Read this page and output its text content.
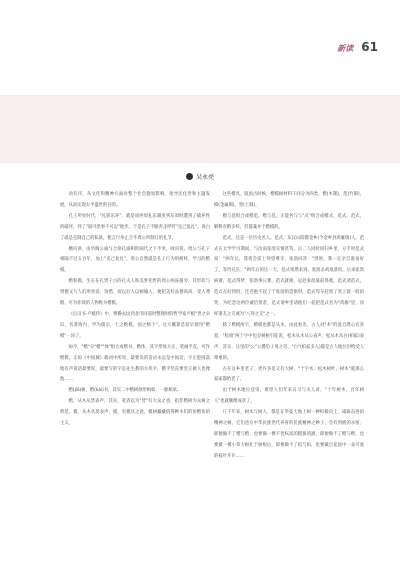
新读 61
吴永亮

动有序，从文化和精神方面对整个社会施加影响，指导民化世和主题发展，从而实现太平盛世的目的。

孔子所处时代，"礼崩乐坏"，就是说西周礼乐制度到东周时遭到了破坏性的破坏，到了"崩可恶事不可忍"地步。于是孔子不断奔走呼吁"克己复礼"，说白了就是克制自己的私欲，使言行举止合乎周公所制订的礼节。

横向讲，由阜陶公谕与合皋孔谕相阶闽代之下半米，咏向说，周公与孔子相隔不过五百年，加上"克己复礼"，周公自然就是孔子行为的榜样、学习的楷模。

楷和模，生长在孔贤子古的孔夫人和美誉先哲的周公两座墓旁，其形状与贤德又与人们所喜爱、珍惜，而以后人以树喻人，便把美好品德高尚、受人尊敬、可为你效的人物称为楷模。

《后汉书·卢植传》中，曹操去坟到北市回道时整理时的哲学家卢植"世之卓识，名著海内，学为儒宗，士之楷模，国之桢干"。这大概算是较早使用"楷模"一词了。

如今，"楷"分"楷""体"组合成楷书、楷体，其字形体方正，笔画平直，可作楷模，正如《中国城》载词中所说，最要说的话语永远是中国话，字正腔圆落地有声说话最要说，最要写的字是先生教的方块字，横平竖直要堂正做人也像他……

楷(jiē)树，楷(kǎi)书，其实二中楷树颜形相如，一脉相承。

楷，从木从皆表声。其实，笔者以为"皆"有大众之意，指非楷树为众树之典范。模，从木从莫表声，模，有模具之意，模树藏藏值得种木们的仿楷仿的主义，

这些楷具，既国古时候，楷模树材料干同分为四类，楷(木制)，范(竹制)，模(金属制)，型(土制)。

楷与范组合成楷范。楷与范，正能各与与"式"组合成楷式、范式，范式，解释有楷多样，但都兼并于楷模的。

范式，还是一位历史名人。范式，东汉山阳郡金乡(今金乡县鸿雁镇)人。范式在太学学习期间，与汝南张劭交情甚笃。后二人同时回归乡里，分手时范式说："两年后，我将会前上拜望尊亲，张劭回答："到时，我一定亲自准备好了，等待兄长。"两年后的这一天，范式果然来到。张劭杀鸡准备饭，后来张劭病逝，范式得梦，张劭事日葬。范式就相，远赴张劭墓前祭奠，范式请范式，范式在好到时，还迟抱不起了于张劭的恐惧时，范式驾车赶到了哭上就一般的哭，为纪念这两位诚信贤者，范式请乡里请他们一起把范式名为"鸿雁"里，同样诸友之交诚为"八拜之交"之一。

除了楷模两字，楷模也都是从木，由此看出，古人对"木"的爱自然心有喜爱，"松柏"两个字中也是树树引征说，松木从木从公表声，松从木从白(柏家)表声，其实，这里的"公"公爵伯子男之首，"白"(柏家多人)都是古人地位封给受人尊重的。

古在这乡里老子，更许多是又有大树，"十字木，松木树叶，树木"就那么家家都给老了。

由于树木地位登崇，难怪人们年来日习与夫人对，"十年树木，百年树人"也就顺理成章了。

几千年来，树木与树人，都是在华夏大地上树一种积极向上、砥砺奋进的精神之树。它们也在中华民族世代养育的民族精神之种子，会有到底的永恒，即便做不了楷与楷，也要做一棵不畏权高的挺拔清澈，即便做不了楷与楷，也要做一棵小草力根扎于树根后，即便做不了松与柏，也要做百花园中一朵可爱的枝叶开开……
